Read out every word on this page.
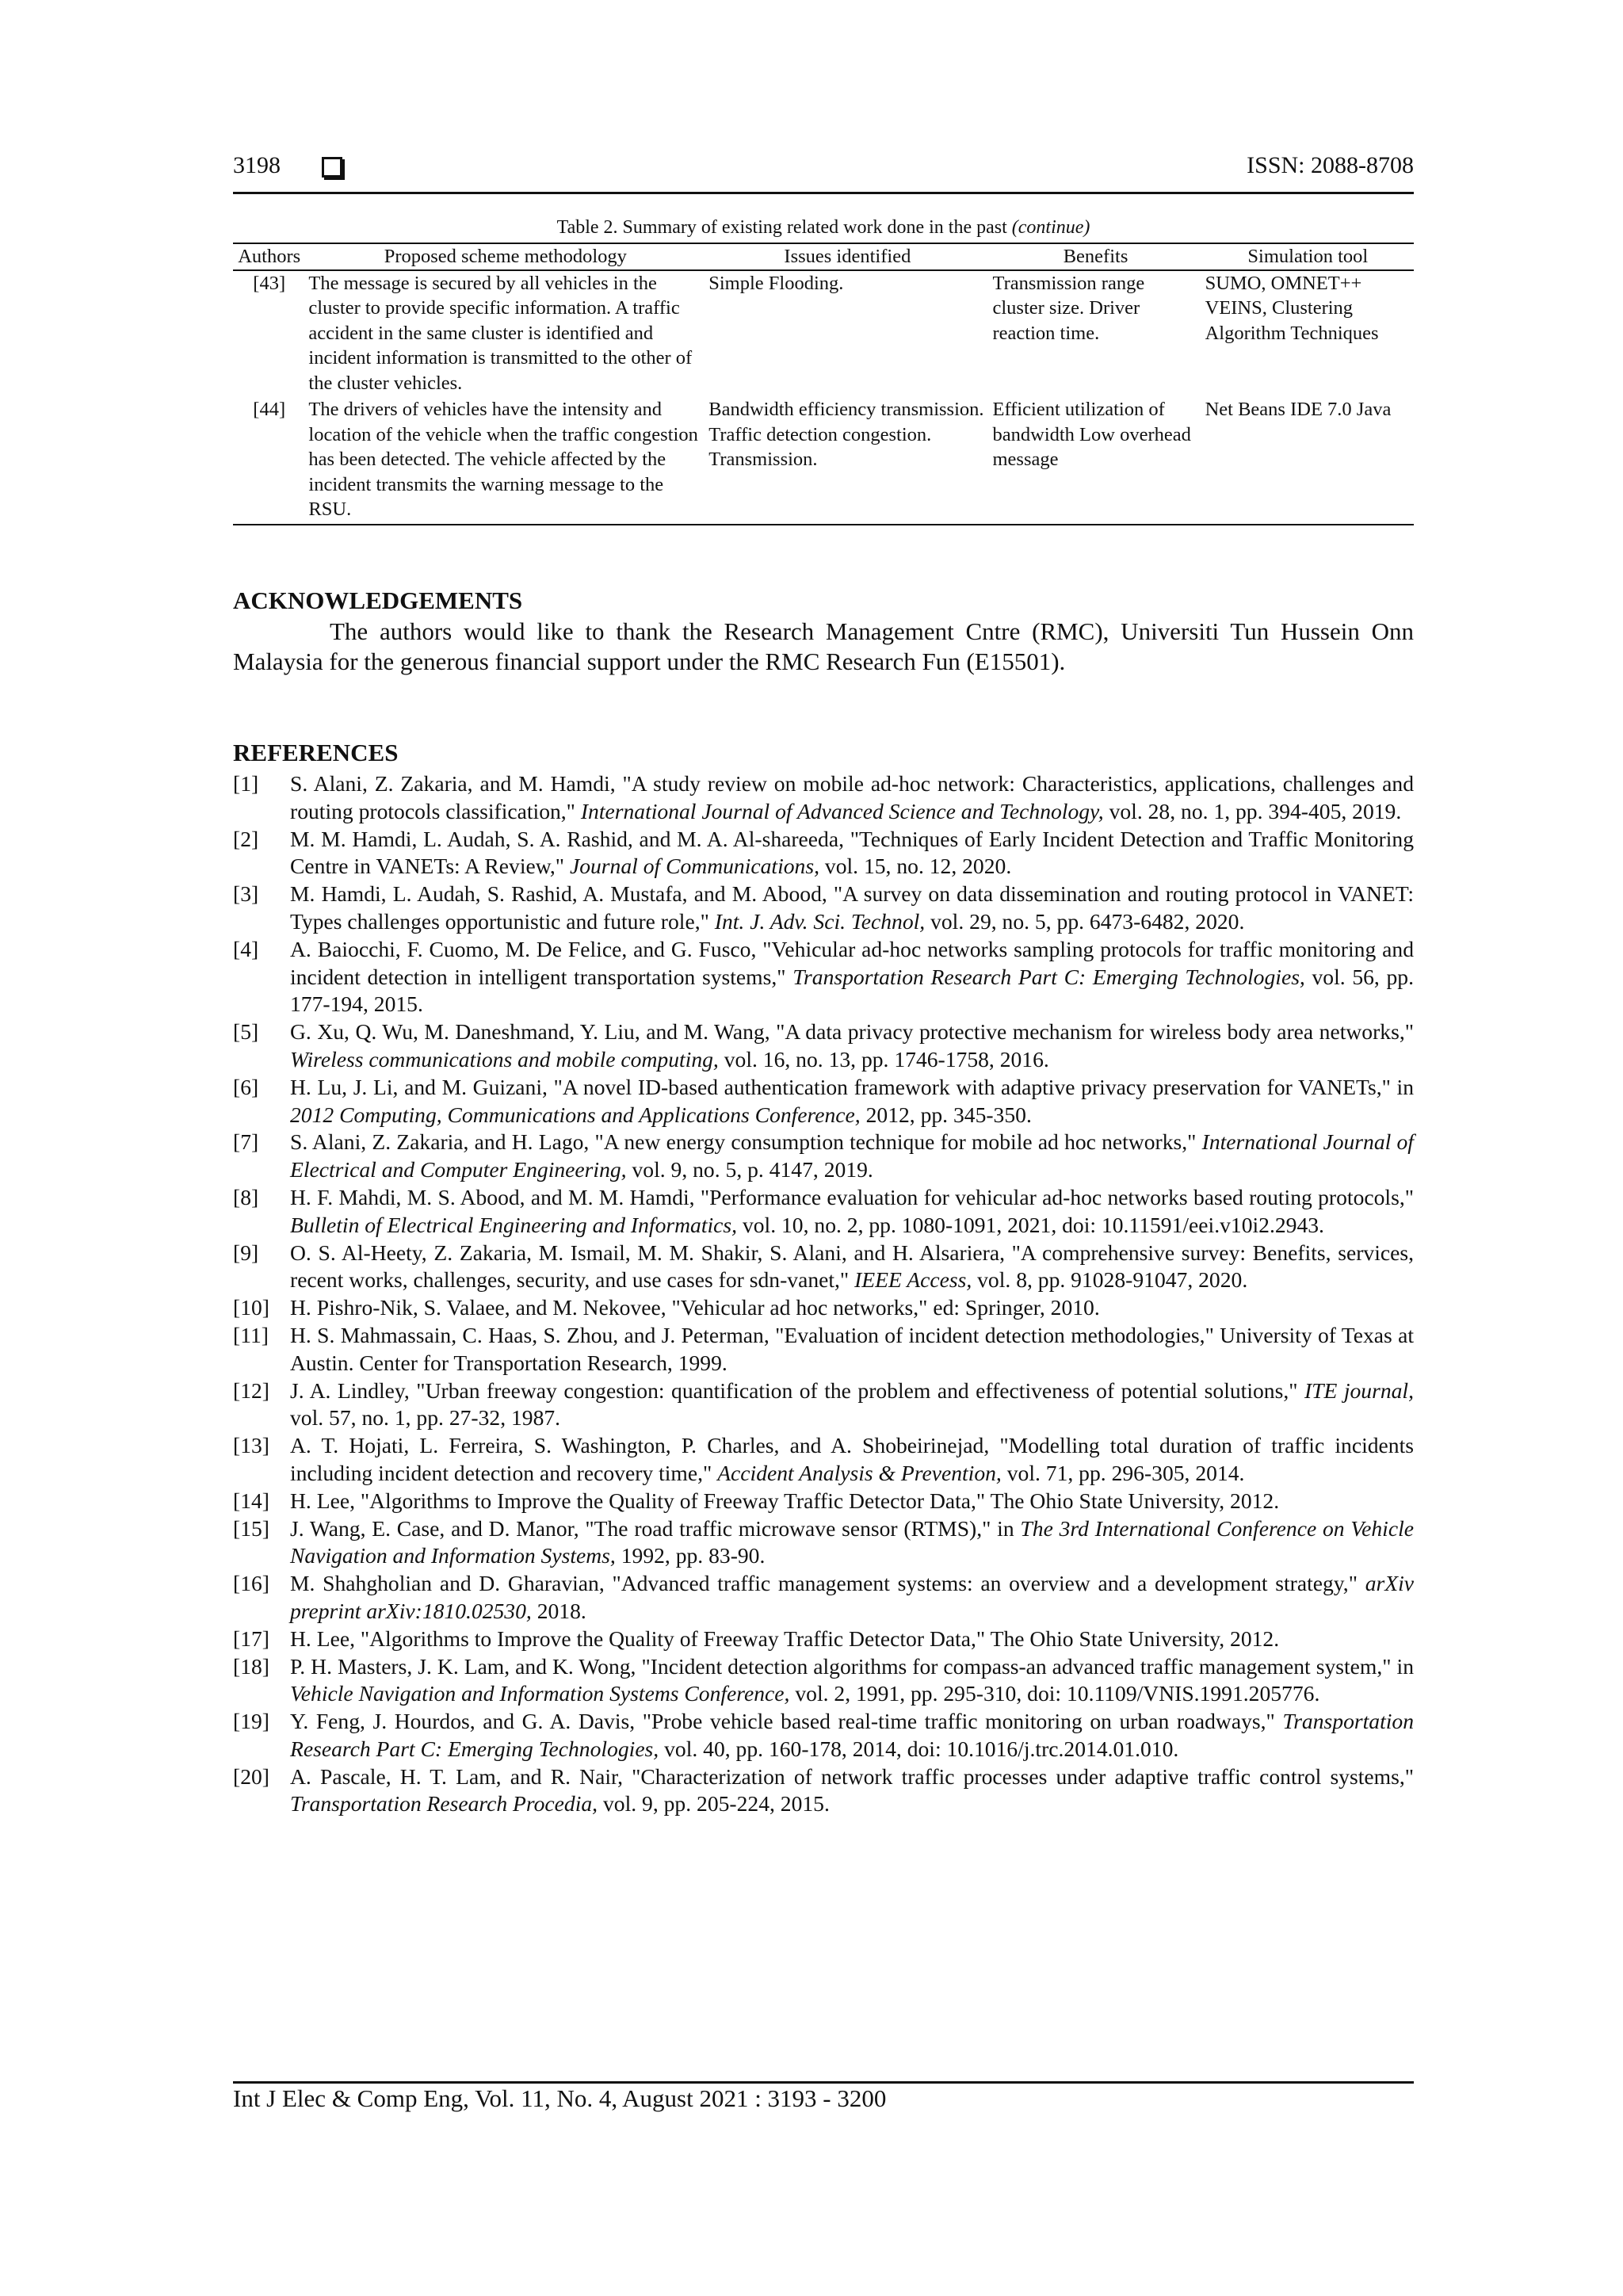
3198	ISSN: 2088-8708
Table 2. Summary of existing related work done in the past (continue)
Authors	Proposed scheme methodology	Issues identified	Benefits	Simulation tool
[43]	The message is secured by all vehicles in the cluster to provide specific information. A traffic accident in the same cluster is identified and incident information is transmitted to the other of the cluster vehicles.	Simple Flooding.	Transmission range cluster size. Driver reaction time.	SUMO, OMNET++ VEINS, Clustering Algorithm Techniques
[44]	The drivers of vehicles have the intensity and location of the vehicle when the traffic congestion has been detected. The vehicle affected by the incident transmits the warning message to the RSU.	Bandwidth efficiency transmission. Traffic detection congestion. Transmission.	Efficient utilization of bandwidth Low overhead message	Net Beans IDE 7.0 Java
ACKNOWLEDGEMENTS

The authors would like to thank the Research Management Cntre (RMC), Universiti Tun Hussein Onn Malaysia for the generous financial support under the RMC Research Fun (E15501).

REFERENCES
[1]	S. Alani, Z. Zakaria, and M. Hamdi, "A study review on mobile ad-hoc network: Characteristics, applications, challenges and routing protocols classification," International Journal of Advanced Science and Technology, vol. 28, no. 1, pp. 394-405, 2019.
[2]	M. M. Hamdi, L. Audah, S. A. Rashid, and M. A. Al-shareeda, "Techniques of Early Incident Detection and Traffic Monitoring Centre in VANETs: A Review," Journal of Communications, vol. 15, no. 12, 2020.
[3]	M. Hamdi, L. Audah, S. Rashid, A. Mustafa, and M. Abood, "A survey on data dissemination and routing protocol in VANET: Types challenges opportunistic and future role," Int. J. Adv. Sci. Technol, vol. 29, no. 5, pp. 6473-6482, 2020.
[4]	A. Baiocchi, F. Cuomo, M. De Felice, and G. Fusco, "Vehicular ad-hoc networks sampling protocols for traffic monitoring and incident detection in intelligent transportation systems," Transportation Research Part C: Emerging Technologies, vol. 56, pp. 177-194, 2015.
[5]	G. Xu, Q. Wu, M. Daneshmand, Y. Liu, and M. Wang, "A data privacy protective mechanism for wireless body area networks," Wireless communications and mobile computing, vol. 16, no. 13, pp. 1746-1758, 2016.
[6]	H. Lu, J. Li, and M. Guizani, "A novel ID-based authentication framework with adaptive privacy preservation for VANETs," in 2012 Computing, Communications and Applications Conference, 2012, pp. 345-350.
[7]	S. Alani, Z. Zakaria, and H. Lago, "A new energy consumption technique for mobile ad hoc networks," International Journal of Electrical and Computer Engineering, vol. 9, no. 5, p. 4147, 2019.
[8]	H. F. Mahdi, M. S. Abood, and M. M. Hamdi, "Performance evaluation for vehicular ad-hoc networks based routing protocols," Bulletin of Electrical Engineering and Informatics, vol. 10, no. 2, pp. 1080-1091, 2021, doi: 10.11591/eei.v10i2.2943.
[9]	O. S. Al-Heety, Z. Zakaria, M. Ismail, M. M. Shakir, S. Alani, and H. Alsariera, "A comprehensive survey: Benefits, services, recent works, challenges, security, and use cases for sdn-vanet," IEEE Access, vol. 8, pp. 91028-91047, 2020.
[10] H. Pishro-Nik, S. Valaee, and M. Nekovee, "Vehicular ad hoc networks," ed: Springer, 2010.
[11] H. S. Mahmassain, C. Haas, S. Zhou, and J. Peterman, "Evaluation of incident detection methodologies," University of Texas at Austin. Center for Transportation Research, 1999.
[12] J. A. Lindley, "Urban freeway congestion: quantification of the problem and effectiveness of potential solutions," ITE journal, vol. 57, no. 1, pp. 27-32, 1987.
[13] A. T. Hojati, L. Ferreira, S. Washington, P. Charles, and A. Shobeirinejad, "Modelling total duration of traffic incidents including incident detection and recovery time," Accident Analysis & Prevention, vol. 71, pp. 296-305, 2014.
[14] H. Lee, "Algorithms to Improve the Quality of Freeway Traffic Detector Data," The Ohio State University, 2012.
[15] J. Wang, E. Case, and D. Manor, "The road traffic microwave sensor (RTMS)," in The 3rd International Conference on Vehicle Navigation and Information Systems, 1992, pp. 83-90.
[16] M. Shahgholian and D. Gharavian, "Advanced traffic management systems: an overview and a development strategy," arXiv preprint arXiv:1810.02530, 2018.
[17] H. Lee, "Algorithms to Improve the Quality of Freeway Traffic Detector Data," The Ohio State University, 2012.
[18] P. H. Masters, J. K. Lam, and K. Wong, "Incident detection algorithms for compass-an advanced traffic management system," in Vehicle Navigation and Information Systems Conference, vol. 2, 1991, pp. 295-310, doi: 10.1109/VNIS.1991.205776.
[19] Y. Feng, J. Hourdos, and G. A. Davis, "Probe vehicle based real-time traffic monitoring on urban roadways," Transportation Research Part C: Emerging Technologies, vol. 40, pp. 160-178, 2014, doi: 10.1016/j.trc.2014.01.010.
[20] A. Pascale, H. T. Lam, and R. Nair, "Characterization of network traffic processes under adaptive traffic control systems," Transportation Research Procedia, vol. 9, pp. 205-224, 2015.
Int J Elec & Comp Eng, Vol. 11, No. 4, August 2021 : 3193 - 3200
